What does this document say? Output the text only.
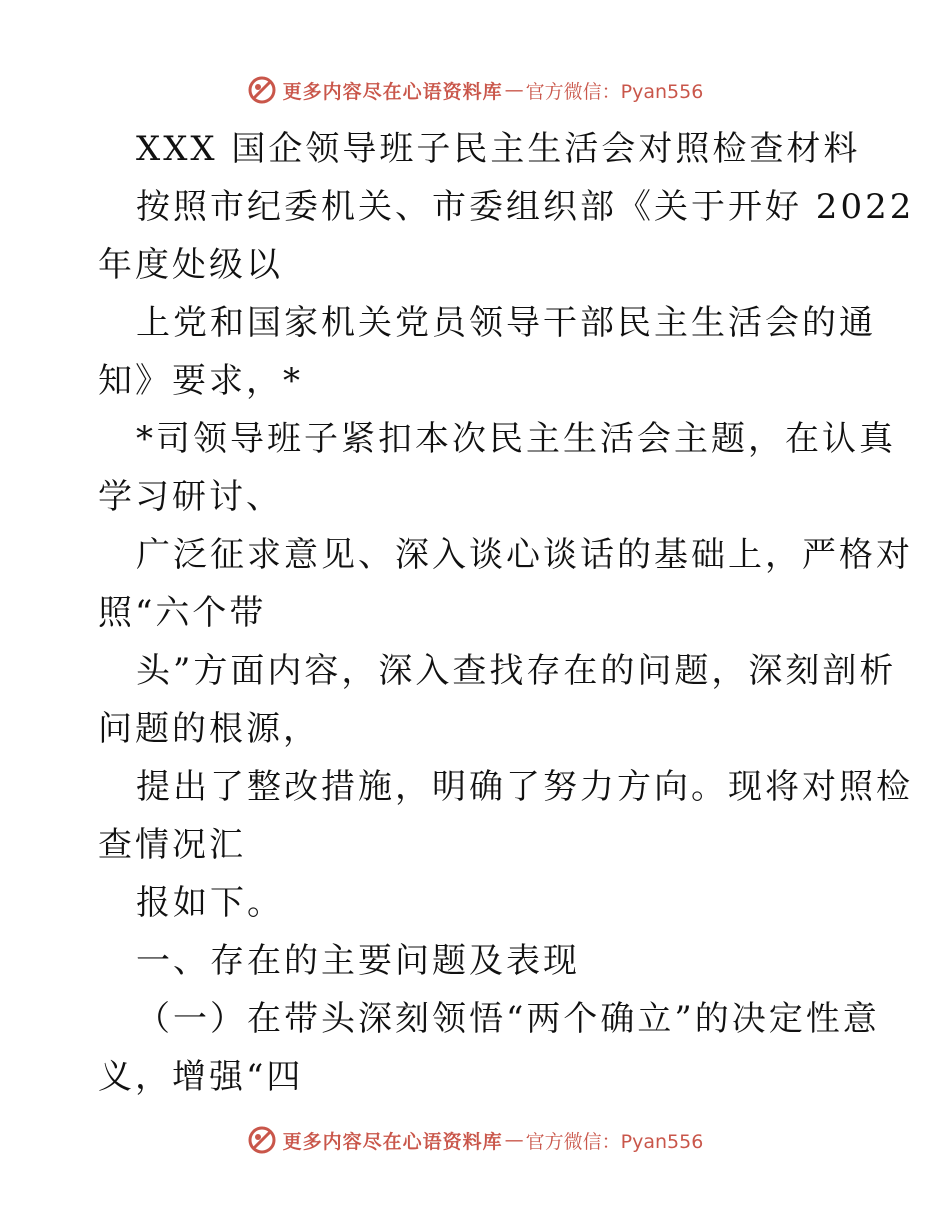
更多内容尽在心语资料库 — 官方微信：Pyan556
XXX 国企领导班子民主生活会对照检查材料
按照市纪委机关、市委组织部《关于开好 2022
年度处级以
上党和国家机关党员领导干部民主生活会的通
知》要求，*
*司领导班子紧扣本次民主生活会主题，在认真
学习研讨、
广泛征求意见、深入谈心谈话的基础上，严格对
照“六个带
头”方面内容，深入查找存在的问题，深刻剖析
问题的根源，
提出了整改措施，明确了努力方向。现将对照检
查情况汇
报如下。
一、存在的主要问题及表现
（一）在带头深刻领悟“两个确立”的决定性意
义，增强“四
更多内容尽在心语资料库 — 官方微信：Pyan556
